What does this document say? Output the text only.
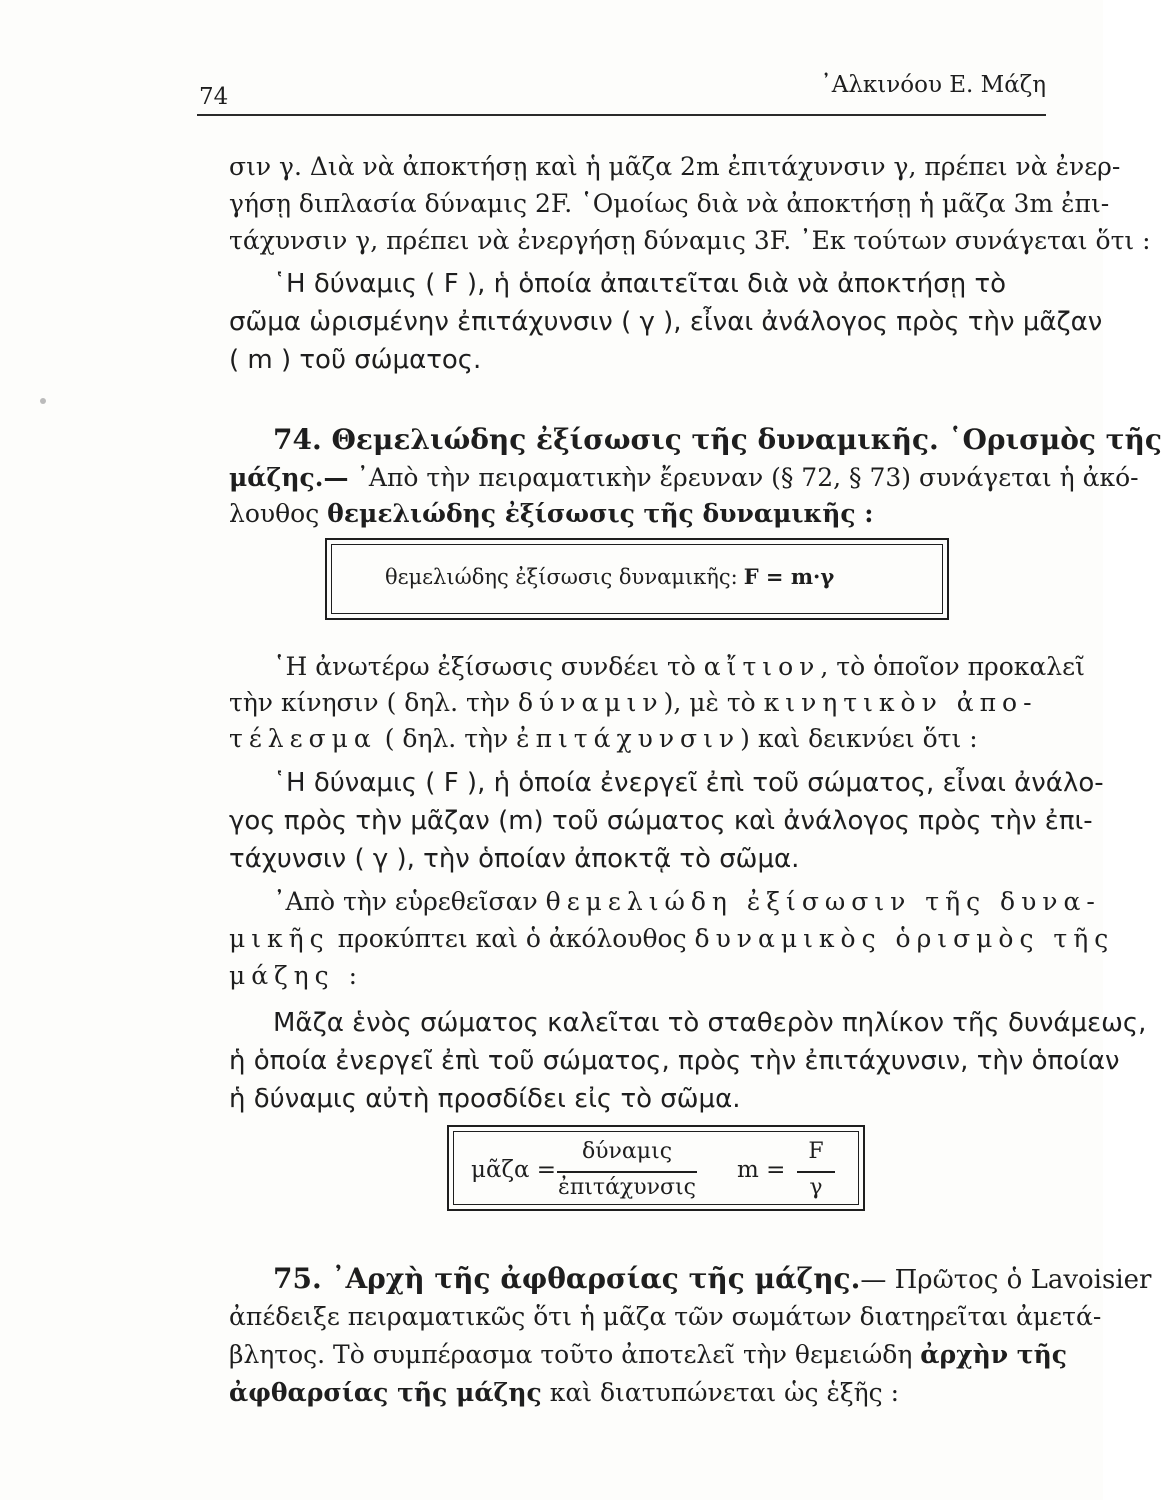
74	᾿Αλκινόου Ε. Μάζη
σιν γ. Διὰ νὰ ἀποκτήσῃ καὶ ἡ μᾶζα 2m ἐπιτάχυνσιν γ, πρέπει νὰ ἐνερ-
γήσῃ διπλασία δύναμις 2F. ῾Ομοίως διὰ νὰ ἀποκτήσῃ ἡ μᾶζα 3m ἐπι-
τάχυνσιν γ, πρέπει νὰ ἐνεργήσῃ δύναμις 3F. ᾿Εκ τούτων συνάγεται ὅτι :
῾Η δύναμις ( F ), ἡ ὁποία ἀπαιτεῖται διὰ νὰ ἀποκτήσῃ τὸ
σῶμα ὡρισμένην ἐπιτάχυνσιν ( γ ), εἶναι ἀνάλογος πρὸς τὴν μᾶζαν
( m ) τοῦ σώματος.
74. Θεμελιώδης ἐξίσωσις τῆς δυναμικῆς. ῾Ορισμὸς τῆς
μάζης.— ᾿Απὸ τὴν πειραματικὴν ἔρευναν (§ 72, § 73) συνάγεται ἡ ἀκό-
λουθος θεμελιώδης ἐξίσωσις τῆς δυναμικῆς :
θεμελιώδης ἐξίσωσις δυναμικῆς: F = m·γ
῾Η ἀνωτέρω ἐξίσωσις συνδέει τὸ αἴτιον, τὸ ὁποῖον προκαλεῖ
τὴν κίνησιν ( δηλ. τὴν δύναμιν), μὲ τὸ κινητικὸν ἀπο-
τέλεσμα ( δηλ. τὴν ἐπιτάχυνσιν) καὶ δεικνύει ὅτι :
῾Η δύναμις ( F ), ἡ ὁποία ἐνεργεῖ ἐπὶ τοῦ σώματος, εἶναι ἀνάλο-
γος πρὸς τὴν μᾶζαν (m) τοῦ σώματος καὶ ἀνάλογος πρὸς τὴν ἐπι-
τάχυνσιν ( γ ), τὴν ὁποίαν ἀποκτᾷ τὸ σῶμα.
᾿Απὸ τὴν εὑρεθεῖσαν θεμελιώδη ἐξίσωσιν τῆς δυνα-
μικῆς προκύπτει καὶ ὁ ἀκόλουθος δυναμικὸς ὁρισμὸς τῆς
μάζης :
Μᾶζα ἑνὸς σώματος καλεῖται τὸ σταθερὸν πηλίκον τῆς δυνάμεως,
ἡ ὁποία ἐνεργεῖ ἐπὶ τοῦ σώματος, πρὸς τὴν ἐπιτάχυνσιν, τὴν ὁποίαν
ἡ δύναμις αὐτὴ προσδίδει εἰς τὸ σῶμα.
μᾶζα =
δύναμις
ἐπιτάχυνσις
m =
F
γ
75. ᾿Αρχὴ τῆς ἀφθαρσίας τῆς μάζης.— Πρῶτος ὁ Lavoisier
ἀπέδειξε πειραματικῶς ὅτι ἡ μᾶζα τῶν σωμάτων διατηρεῖται ἀμετά-
βλητος. Τὸ συμπέρασμα τοῦτο ἀποτελεῖ τὴν θεμειώδη ἀρχὴν τῆς
ἀφθαρσίας τῆς μάζης καὶ διατυπώνεται ὡς ἑξῆς :
